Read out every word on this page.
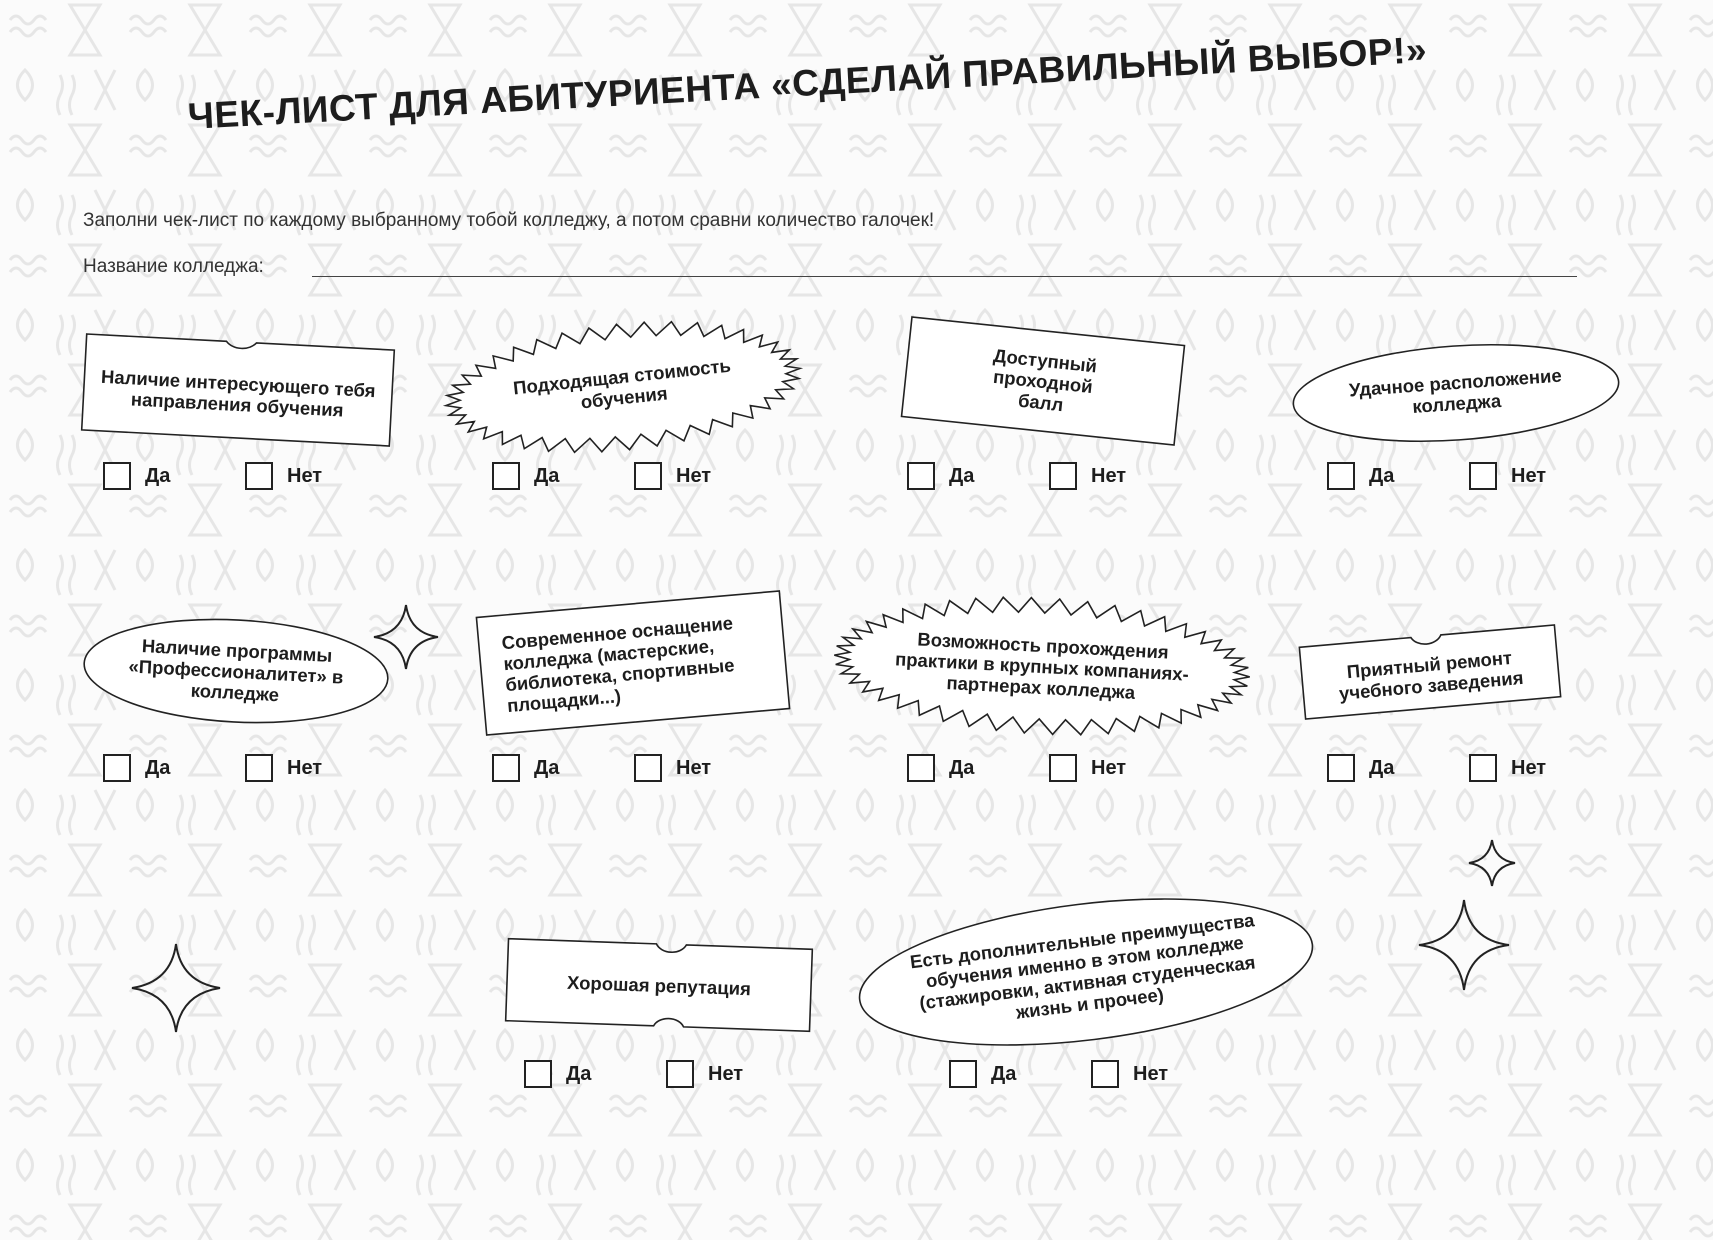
ЧЕК-ЛИСТ ДЛЯ АБИТУРИЕНТА «СДЕЛАЙ ПРАВИЛЬНЫЙ ВЫБОР!»
Заполни чек-лист по каждому выбранному тобой колледжу, а потом сравни количество галочек!
Название колледжа:
Наличие интересующего тебя направления обучения
Да	Нет
Подходящая стоимость обучения
Да	Нет
Доступный проходной балл
Да	Нет
Удачное расположение колледжа
Да	Нет
Наличие программы «Профессионалитет» в колледже
Да	Нет
Современное оснащение колледжа (мастерские, библиотека, спортивные площадки...)
Да	Нет
Возможность прохождения практики в крупных компаниях-партнерах колледжа
Да	Нет
Приятный ремонт учебного заведения
Да	Нет
Хорошая репутация
Да	Нет
Есть дополнительные преимущества обучения именно в этом колледже (стажировки, активная студенческая жизнь и прочее)
Да	Нет
